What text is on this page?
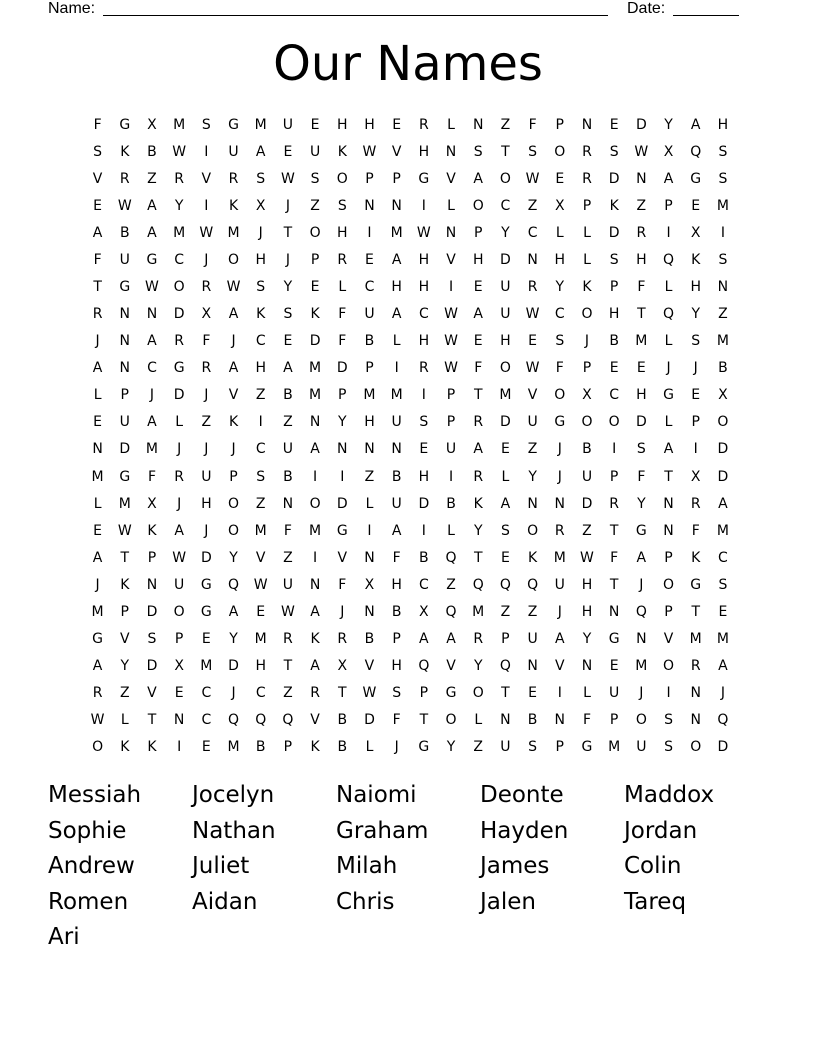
Name:	Date:
Our Names
F	G	X	M	S	G	M	U	E	H	H	E	R	L	N	Z	F	P	N	E	D	Y	A	H
S	K	B	W	I	U	A	E	U	K	W	V	H	N	S	T	S	O	R	S	W	X	Q	S
V	R	Z	R	V	R	S	W	S	O	P	P	G	V	A	O	W	E	R	D	N	A	G	S
E	W	A	Y	I	K	X	J	Z	S	N	N	I	L	O	C	Z	X	P	K	Z	P	E	M
A	B	A	M	W	M	J	T	O	H	I	M	W	N	P	Y	C	L	L	D	R	I	X	I
F	U	G	C	J	O	H	J	P	R	E	A	H	V	H	D	N	H	L	S	H	Q	K	S
T	G	W	O	R	W	S	Y	E	L	C	H	H	I	E	U	R	Y	K	P	F	L	H	N
R	N	N	D	X	A	K	S	K	F	U	A	C	W	A	U	W	C	O	H	T	Q	Y	Z
J	N	A	R	F	J	C	E	D	F	B	L	H	W	E	H	E	S	J	B	M	L	S	M
A	N	C	G	R	A	H	A	M	D	P	I	R	W	F	O	W	F	P	E	E	J	J	B
L	P	J	D	J	V	Z	B	M	P	M	M	I	P	T	M	V	O	X	C	H	G	E	X
E	U	A	L	Z	K	I	Z	N	Y	H	U	S	P	R	D	U	G	O	O	D	L	P	O
N	D	M	J	J	J	C	U	A	N	N	N	E	U	A	E	Z	J	B	I	S	A	I	D
M	G	F	R	U	P	S	B	I	I	Z	B	H	I	R	L	Y	J	U	P	F	T	X	D
L	M	X	J	H	O	Z	N	O	D	L	U	D	B	K	A	N	N	D	R	Y	N	R	A
E	W	K	A	J	O	M	F	M	G	I	A	I	L	Y	S	O	R	Z	T	G	N	F	M
A	T	P	W	D	Y	V	Z	I	V	N	F	B	Q	T	E	K	M	W	F	A	P	K	C
J	K	N	U	G	Q	W	U	N	F	X	H	C	Z	Q	Q	Q	U	H	T	J	O	G	S
M	P	D	O	G	A	E	W	A	J	N	B	X	Q	M	Z	Z	J	H	N	Q	P	T	E
G	V	S	P	E	Y	M	R	K	R	B	P	A	A	R	P	U	A	Y	G	N	V	M	M
A	Y	D	X	M	D	H	T	A	X	V	H	Q	V	Y	Q	N	V	N	E	M	O	R	A
R	Z	V	E	C	J	C	Z	R	T	W	S	P	G	O	T	E	I	L	U	J	I	N	J
W	L	T	N	C	Q	Q	Q	V	B	D	F	T	O	L	N	B	N	F	P	O	S	N	Q
O	K	K	I	E	M	B	P	K	B	L	J	G	Y	Z	U	S	P	G	M	U	S	O	D
Messiah	Jocelyn	Naiomi	Deonte	Maddox
Sophie	Nathan	Graham	Hayden	Jordan
Andrew	Juliet	Milah	James	Colin
Romen	Aidan	Chris	Jalen	Tareq
Ari
